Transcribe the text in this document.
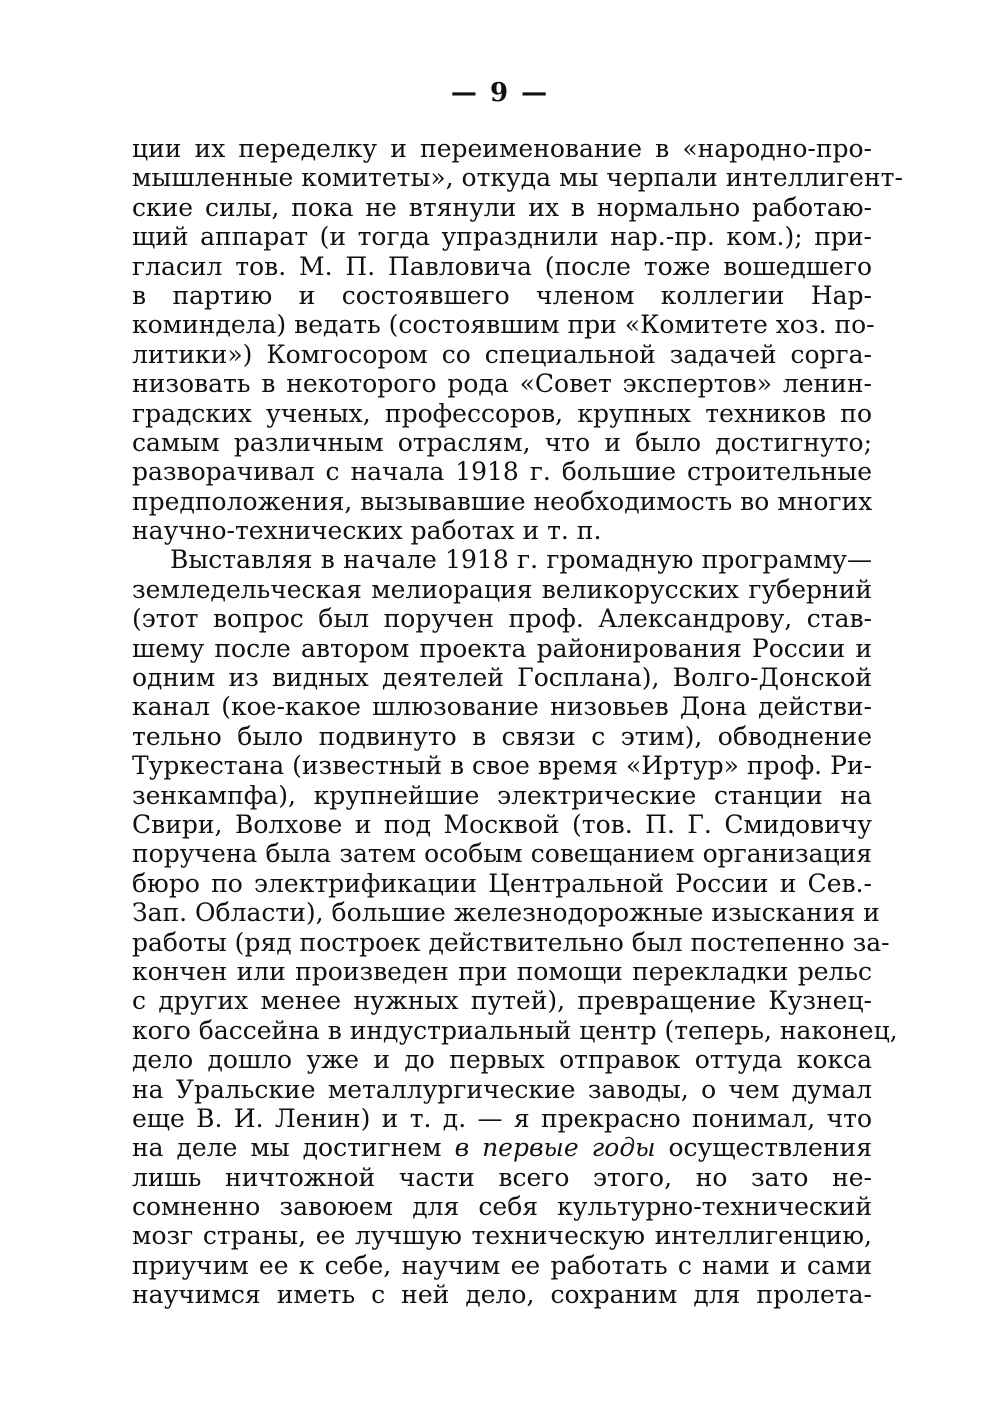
— 9 —
ции их переделку и переименование в «народно-про-
мышленные комитеты», откуда мы черпали интеллигент-
ские силы, пока не втянули их в нормально работаю-
щий аппарат (и тогда упразднили нар.-пр. ком.); при-
гласил тов. М. П. Павловича (после тоже вошедшего
в партию и состоявшего членом коллегии Нар-
коминдела) ведать (состоявшим при «Комитете хоз. по-
литики») Комгосором со специальной задачей сорга-
низовать в некоторого рода «Совет экспертов» ленин-
градских ученых, профессоров, крупных техников по
самым различным отраслям, что и было достигнуто;
разворачивал с начала 1918 г. большие строительные
предположения, вызывавшие необходимость во многих
научно-технических работах и т. п.
Выставляя в начале 1918 г. громадную программу—
земледельческая мелиорация великорусских губерний
(этот вопрос был поручен проф. Александрову, став-
шему после автором проекта районирования России и
одним из видных деятелей Госплана), Волго-Донской
канал (кое-какое шлюзование низовьев Дона действи-
тельно было подвинуто в связи с этим), обводнение
Туркестана (известный в свое время «Иртур» проф. Ри-
зенкампфа), крупнейшие электрические станции на
Свири, Волхове и под Москвой (тов. П. Г. Смидовичу
поручена была затем особым совещанием организация
бюро по электрификации Центральной России и Сев.-
Зап. Области), большие железнодорожные изыскания и
работы (ряд построек действительно был постепенно за-
кончен или произведен при помощи перекладки рельс
с других менее нужных путей), превращение Кузнец-
кого бассейна в индустриальный центр (теперь, наконец,
дело дошло уже и до первых отправок оттуда кокса
на Уральские металлургические заводы, о чем думал
еще В. И. Ленин) и т. д. — я прекрасно понимал, что
на деле мы достигнем в первые годы осуществления
лишь ничтожной части всего этого, но зато не-
сомненно завоюем для себя культурно-технический
мозг страны, ее лучшую техническую интеллигенцию,
приучим ее к себе, научим ее работать с нами и сами
научимся иметь с ней дело, сохраним для пролета-
